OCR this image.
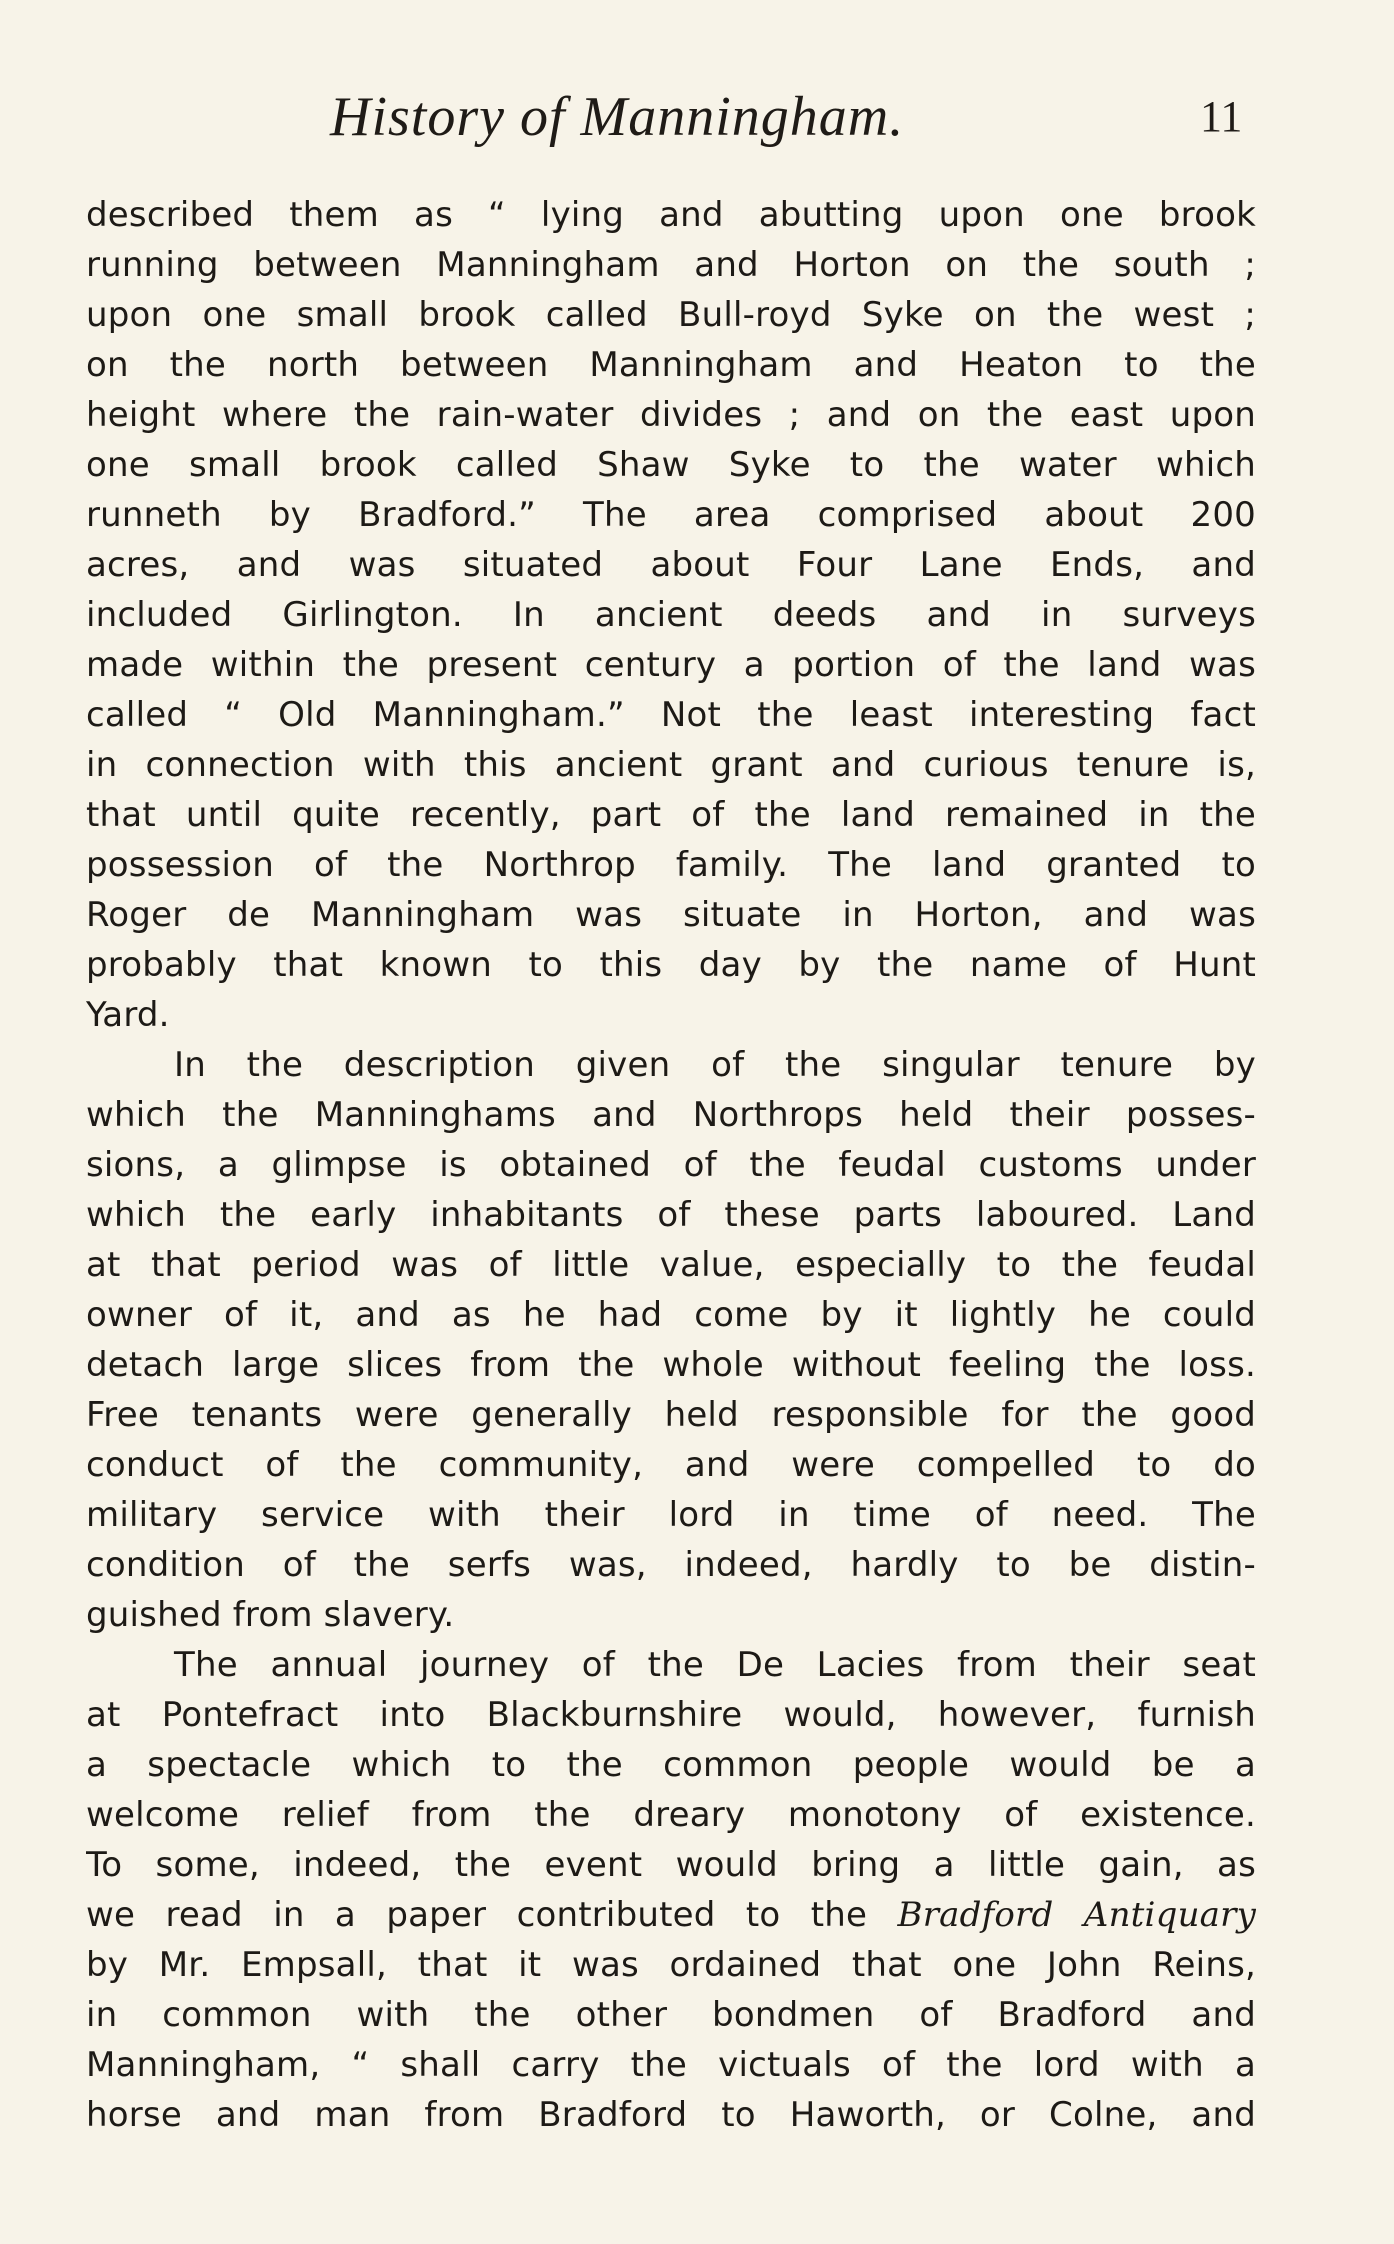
History of Manningham.	11
described them as “ lying and abutting upon one brook
running between Manningham and Horton on the south ;
upon one small brook called Bull-royd Syke on the west ;
on the north between Manningham and Heaton to the
height where the rain-water divides ; and on the east upon
one small brook called Shaw Syke to the water which
runneth by Bradford.” The area comprised about 200
acres, and was situated about Four Lane Ends, and
included Girlington. In ancient deeds and in surveys
made within the present century a portion of the land was
called “ Old Manningham.” Not the least interesting fact
in connection with this ancient grant and curious tenure is,
that until quite recently, part of the land remained in the
possession of the Northrop family. The land granted to
Roger de Manningham was situate in Horton, and was
probably that known to this day by the name of Hunt
Yard.
In the description given of the singular tenure by
which the Manninghams and Northrops held their posses-
sions, a glimpse is obtained of the feudal customs under
which the early inhabitants of these parts laboured. Land
at that period was of little value, especially to the feudal
owner of it, and as he had come by it lightly he could
detach large slices from the whole without feeling the loss.
Free tenants were generally held responsible for the good
conduct of the community, and were compelled to do
military service with their lord in time of need. The
condition of the serfs was, indeed, hardly to be distin-
guished from slavery.
The annual journey of the De Lacies from their seat
at Pontefract into Blackburnshire would, however, furnish
a spectacle which to the common people would be a
welcome relief from the dreary monotony of existence.
To some, indeed, the event would bring a little gain, as
we read in a paper contributed to the Bradford Antiquary
by Mr. Empsall, that it was ordained that one John Reins,
in common with the other bondmen of Bradford and
Manningham, “ shall carry the victuals of the lord with a
horse and man from Bradford to Haworth, or Colne, and
